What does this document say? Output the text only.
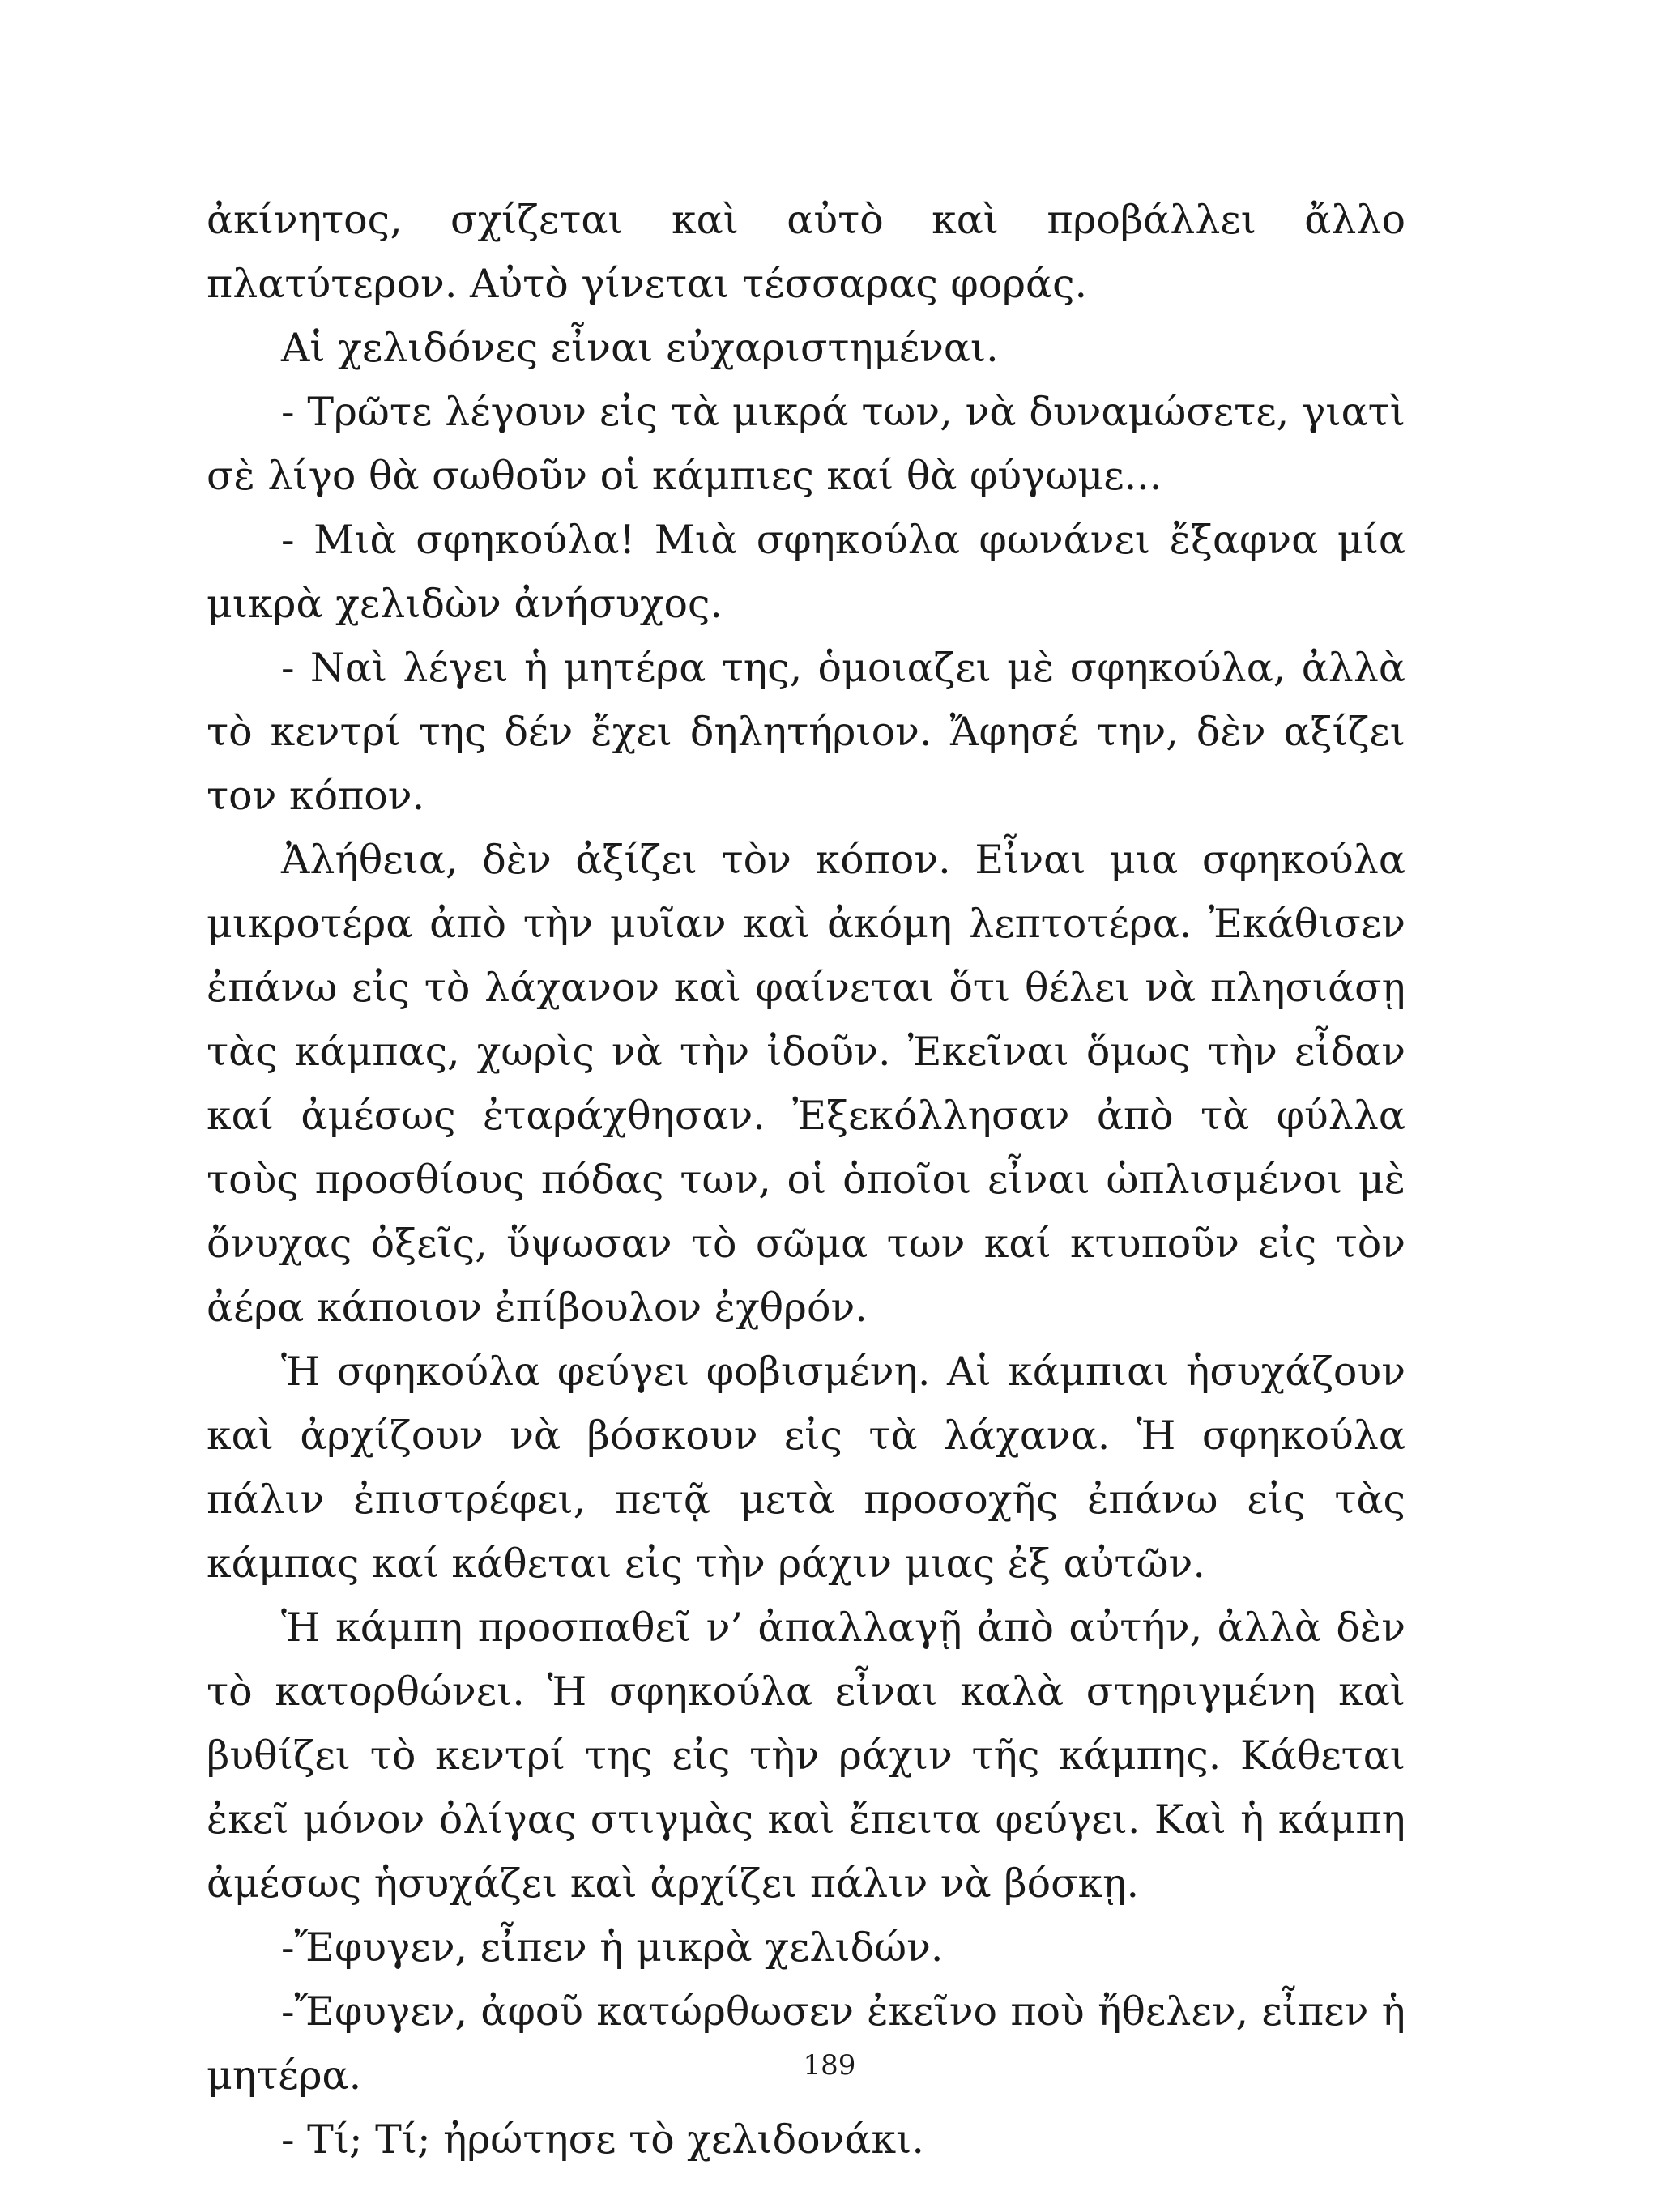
ἀκίνητος, σχίζεται καὶ αὐτὸ καὶ προβάλλει ἄλλο πλατύτερον. Αὐτὸ γίνεται τέσσαρας φοράς.

Αἱ χελιδόνες εἶναι εὐχαριστημέναι.

- Τρῶτε λέγουν εἰς τὰ μικρά των, νὰ δυναμώσετε, γιατὶ σὲ λίγο θὰ σωθοῦν οἱ κάμπιες καί θὰ φύγωμε...

- Μιὰ σφηκούλα! Μιὰ σφηκούλα φωνάνει ἔξαφνα μία μικρὰ χελιδὼν ἀνήσυχος.

- Ναὶ λέγει ἡ μητέρα της, ὁμοιαζει μὲ σφηκούλα, ἀλλὰ τὸ κεντρί της δέν ἔχει δηλητήριον. Ἄφησέ την, δὲν αξίζει τον κόπον.

Ἀλήθεια, δὲν ἀξίζει τὸν κόπον. Εἶναι μια σφηκούλα μικροτέρα ἀπὸ τὴν μυῖαν καὶ ἀκόμη λεπτοτέρα. Ἐκάθισεν ἐπάνω εἰς τὸ λάχανον καὶ φαίνεται ὅτι θέλει νὰ πλησιάσῃ τὰς κάμπας, χωρὶς νὰ τὴν ἰδοῦν. Ἐκεῖναι ὅμως τὴν εἶδαν καί ἀμέσως ἐταράχθησαν. Ἐξεκόλλησαν ἀπὸ τὰ φύλλα τοὺς προσθίους πόδας των, οἱ ὁποῖοι εἶναι ὡπλισμένοι μὲ ὄνυχας ὀξεῖς, ὕψωσαν τὸ σῶμα των καί κτυποῦν εἰς τὸν ἀέρα κάποιον ἐπίβουλον ἐχθρόν.

Ἡ σφηκούλα φεύγει φοβισμένη. Αἱ κάμπιαι ἡσυχάζουν καὶ ἀρχίζουν νὰ βόσκουν εἰς τὰ λάχανα. Ἡ σφηκούλα πάλιν ἐπιστρέφει, πετᾷ μετὰ προσοχῆς ἐπάνω εἰς τὰς κάμπας καί κάθεται εἰς τὴν ράχιν μιας ἐξ αὐτῶν.

Ἡ κάμπη προσπαθεῖ ν’ ἀπαλλαγῇ ἀπὸ αὐτήν, ἀλλὰ δὲν τὸ κατορθώνει. Ἡ σφηκούλα εἶναι καλὰ στηριγμένη καὶ βυθίζει τὸ κεντρί της εἰς τὴν ράχιν τῆς κάμπης. Κάθεται ἐκεῖ μόνον ὀλίγας στιγμὰς καὶ ἔπειτα φεύγει. Καὶ ἡ κάμπη ἀμέσως ἡσυχάζει καὶ ἀρχίζει πάλιν νὰ βόσκῃ.

-Ἔφυγεν, εἶπεν ἡ μικρὰ χελιδών.

-Ἔφυγεν, ἀφοῦ κατώρθωσεν ἐκεῖνο ποὺ ἤθελεν, εἶπεν ἡ μητέρα.

- Τί; Τί; ἠρώτησε τὸ χελιδονάκι.

189
